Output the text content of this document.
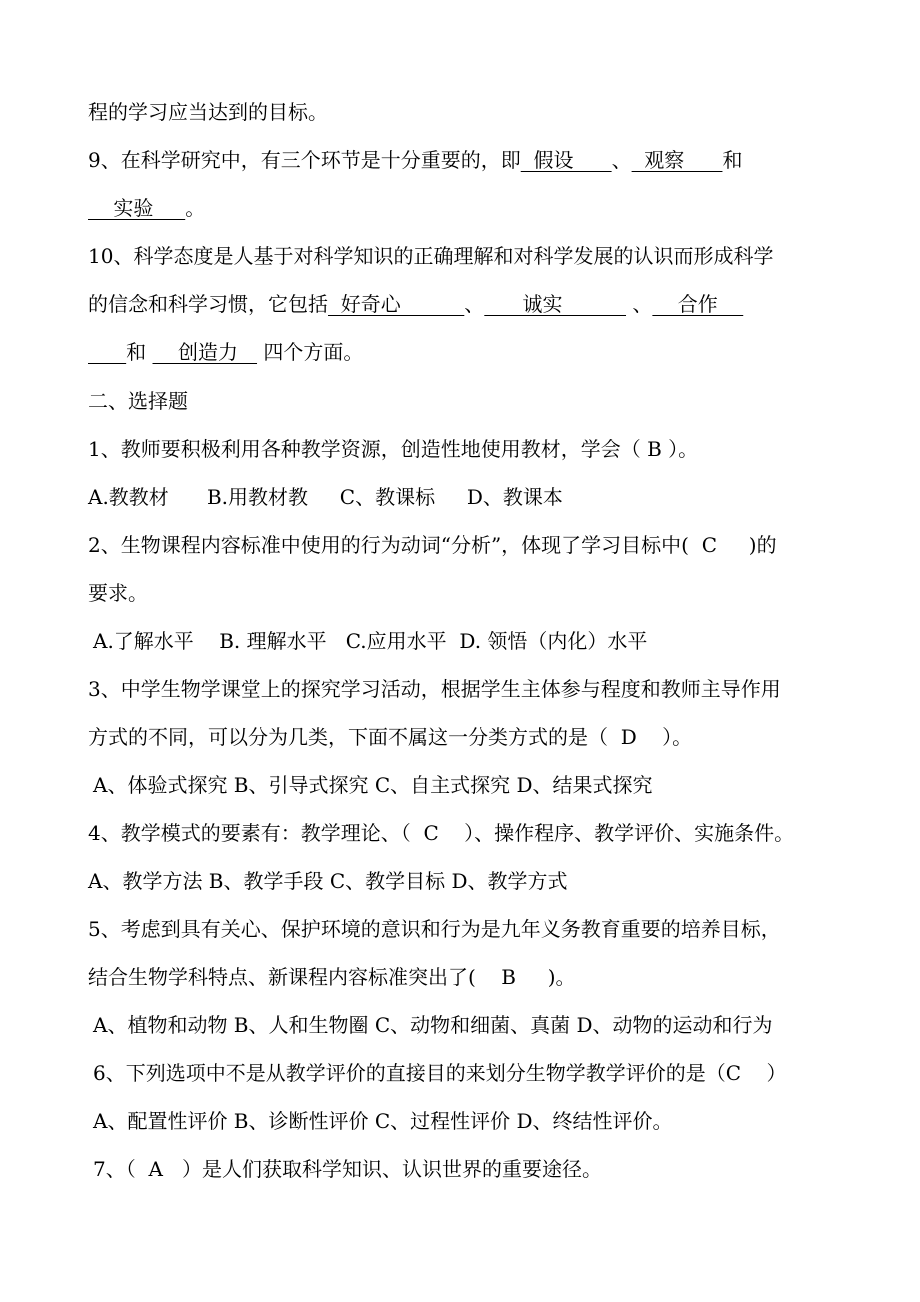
程的学习应当达到的目标。
9、在科学研究中，有三个环节是十分重要的，即  假设      、  观察      和
实验     。
10、科学态度是人基于对科学知识的正确理解和对科学发展的认识而形成科学
的信念和科学习惯，它包括  好奇心          、      诚实           、    合作
和     创造力    四个方面。
二、选择题
1、教师要积极利用各种教学资源，创造性地使用教材，学会（ B ）。
A.教教材      B.用教材教     C、教课标     D、教课本
2、生物课程内容标准中使用的行为动词“分析”，体现了学习目标中(  C     )的
要求。
A.了解水平    B. 理解水平   C.应用水平  D. 领悟（内化）水平
3、中学生物学课堂上的探究学习活动，根据学生主体参与程度和教师主导作用
方式的不同，可以分为几类，下面不属这一分类方式的是（  D    ）。
A、体验式探究 B、引导式探究 C、自主式探究 D、结果式探究
4、教学模式的要素有：教学理论、（  C    ）、操作程序、教学评价、实施条件。
A、教学方法 B、教学手段 C、教学目标 D、教学方式
5、考虑到具有关心、保护环境的意识和行为是九年义务教育重要的培养目标，
结合生物学科特点、新课程内容标准突出了(    B     )。
A、植物和动物 B、人和生物圈 C、动物和细菌、真菌 D、动物的运动和行为
6、下列选项中不是从教学评价的直接目的来划分生物学教学评价的是（C    ）
A、配置性评价 B、诊断性评价 C、过程性评价 D、终结性评价。
7、（  A   ）是人们获取科学知识、认识世界的重要途径。
